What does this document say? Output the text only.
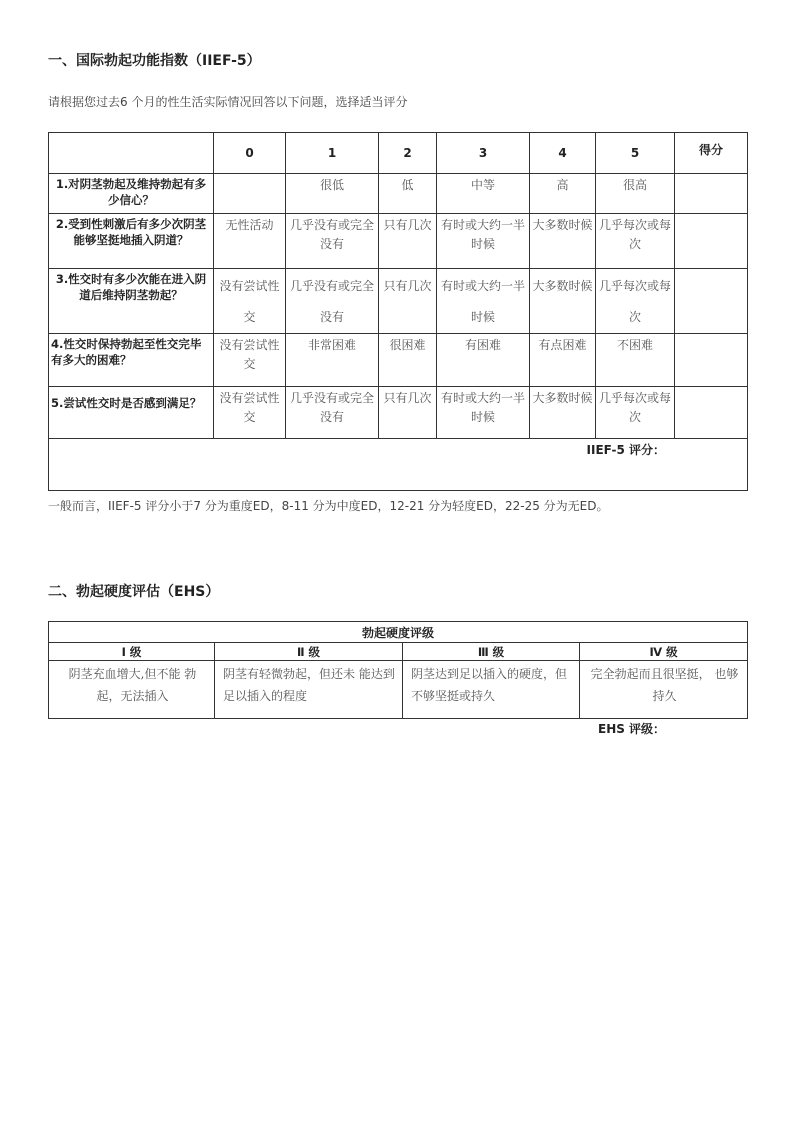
一、国际勃起功能指数（IIEF-5）
请根据您过去6 个月的性生活实际情况回答以下问题，选择适当评分
	0	1	2	3	4	5	得分
1.对阴茎勃起及维持勃起有多少信心？		很低	低	中等	高	很高	
2.受到性刺激后有多少次阴茎能够坚挺地插入阴道？	无性活动	几乎没有或完全没有	只有几次	有时或大约一半时候	大多数时候	几乎每次或每次	
3.性交时有多少次能在进入阴道后维持阴茎勃起？	没有尝试性交	几乎没有或完全没有	只有几次	有时或大约一半时候	大多数时候	几乎每次或每次	
4.性交时保持勃起至性交完毕有多大的困难？	没有尝试性交	非常困难	很困难	有困难	有点困难	不困难	
5.尝试性交时是否感到满足？	没有尝试性交	几乎没有或完全没有	只有几次	有时或大约一半时候	大多数时候	几乎每次或每次	
IIEF-5 评分：							
一般而言，IIEF-5 评分小于7 分为重度ED，8-11 分为中度ED，12-21 分为轻度ED，22-25 分为无ED。
二、勃起硬度评估（EHS）
勃起硬度评级			
Ⅰ 级	Ⅱ 级	Ⅲ 级	Ⅳ 级
阴茎充血增大,但不能 勃起，无法插入	阴茎有轻微勃起，但还未 能达到足以插入的程度	阴茎达到足以插入的硬度，但不够坚挺或持久	完全勃起而且很坚挺， 也够持久
EHS 评级：
